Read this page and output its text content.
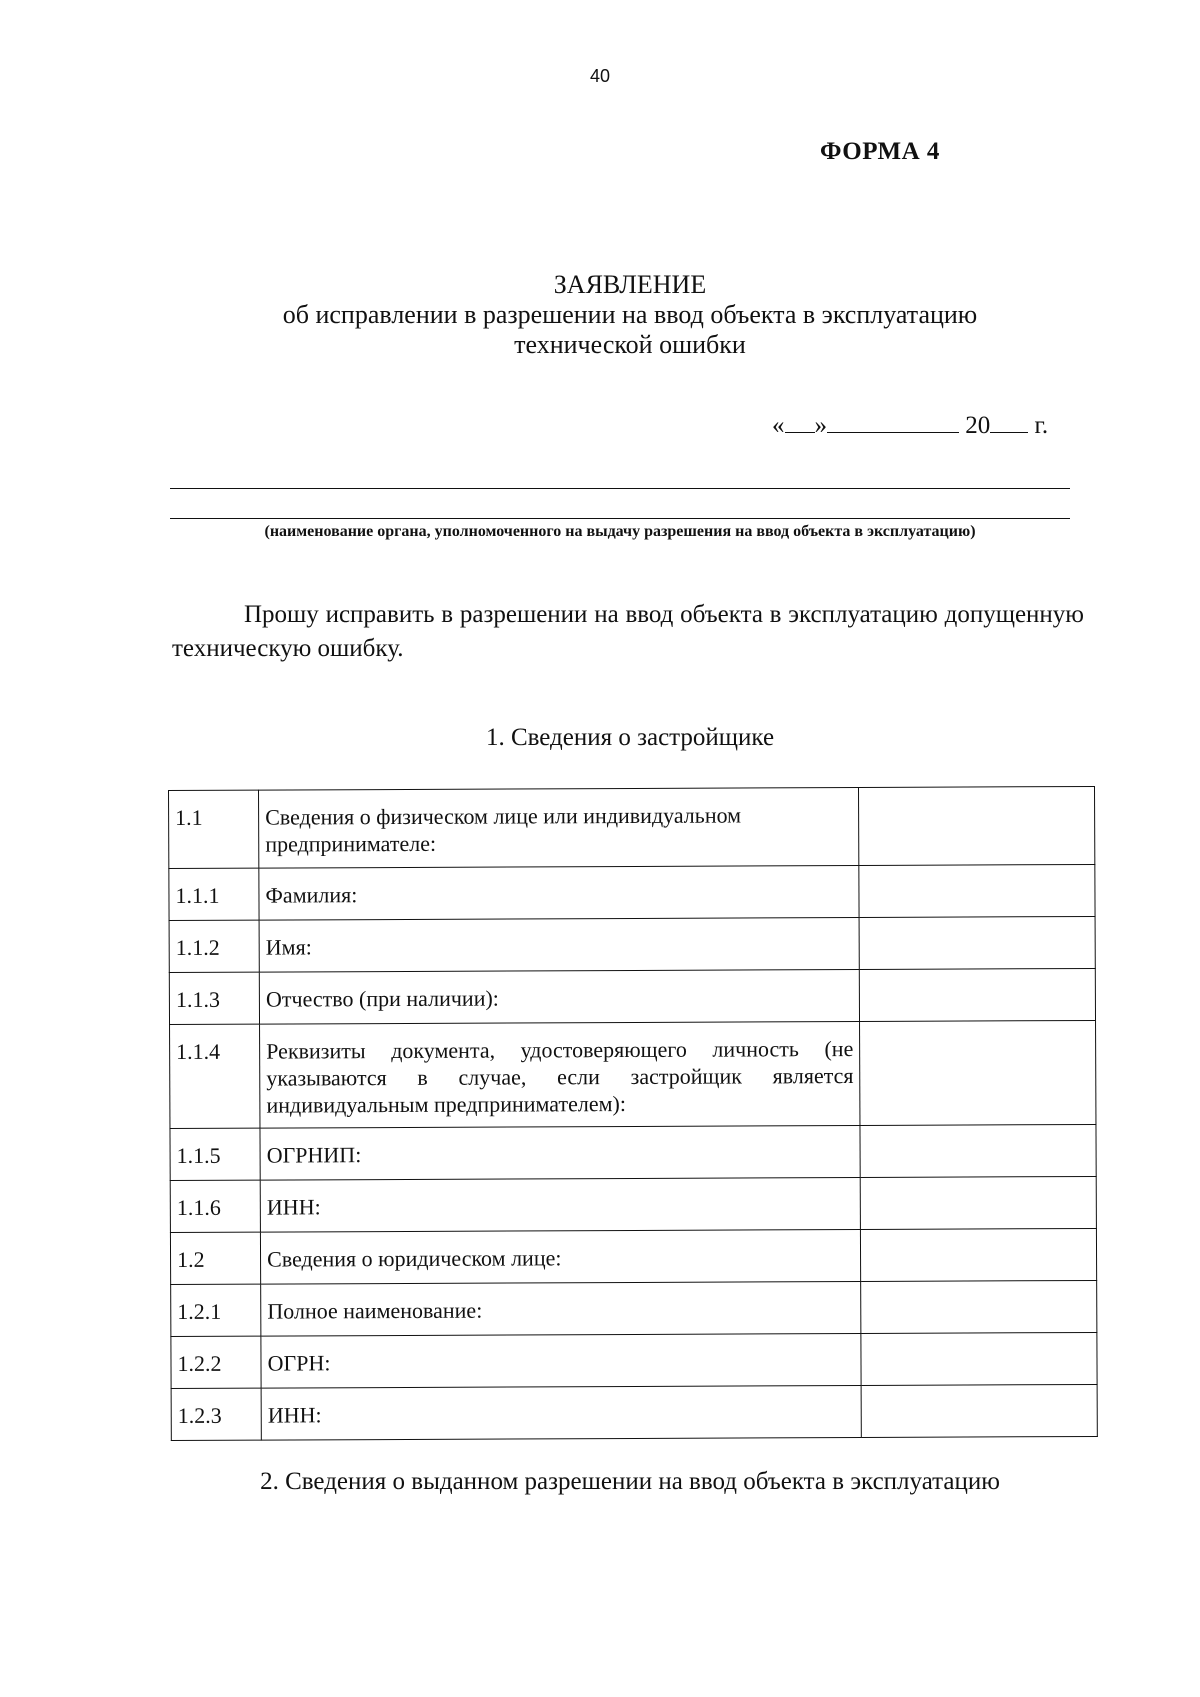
40
ФОРМА 4
ЗАЯВЛЕНИЕ
об исправлении в разрешении на ввод объекта в эксплуатацию
технической ошибки
« »	20 г.
(наименование органа, уполномоченного на выдачу разрешения на ввод объекта в эксплуатацию)
Прошу исправить в разрешении на ввод объекта в эксплуатацию допущенную техническую ошибку.
1. Сведения о застройщике
1.1	Сведения о физическом лице или индивидуальном предпринимателе:	
1.1.1	Фамилия:	
1.1.2	Имя:	
1.1.3	Отчество (при наличии):	
1.1.4	Реквизиты документа, удостоверяющего личность (не указываются в случае, если застройщик является индивидуальным предпринимателем):	
1.1.5	ОГРНИП:	
1.1.6	ИНН:	
1.2	Сведения о юридическом лице:	
1.2.1	Полное наименование:	
1.2.2	ОГРН:	
1.2.3	ИНН:	
2. Сведения о выданном разрешении на ввод объекта в эксплуатацию
